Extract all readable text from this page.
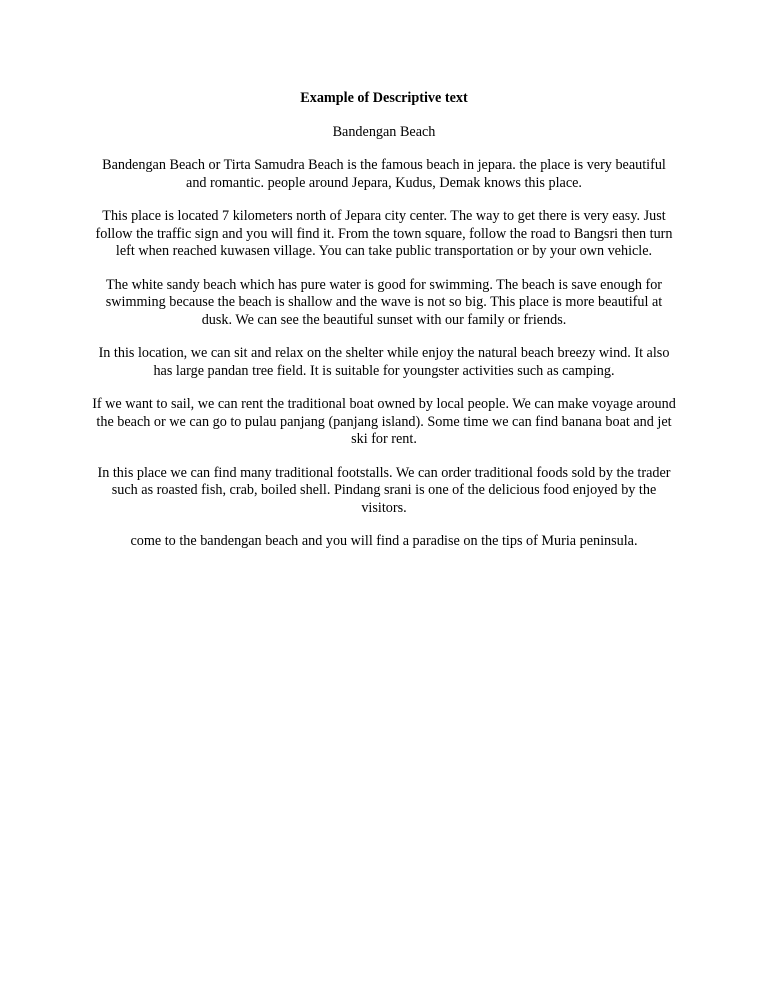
Example of Descriptive text

Bandengan Beach

Bandengan Beach or Tirta Samudra Beach is the famous beach in jepara. the place is very beautiful and romantic. people around Jepara, Kudus, Demak knows this place.

This place is located 7 kilometers north of Jepara city center. The way to get there is very easy. Just follow the traffic sign and you will find it. From the town square, follow the road to Bangsri then turn left when reached kuwasen village. You can take public transportation or by your own vehicle.

The white sandy beach which has pure water is good for swimming. The beach is save enough for swimming because the beach is shallow and the wave is not so big. This place is more beautiful at dusk. We can see the beautiful sunset with our family or friends.

In this location, we can sit and relax on the shelter while enjoy the natural beach breezy wind. It also has large pandan tree field. It is suitable for youngster activities such as camping.

If we want to sail, we can rent the traditional boat owned by local people. We can make voyage around the beach or we can go to pulau panjang (panjang island). Some time we can find banana boat and jet ski for rent.

In this place we can find many traditional footstalls. We can order traditional foods sold by the trader such as roasted fish, crab, boiled shell. Pindang srani is one of the delicious food enjoyed by the visitors.

come to the bandengan beach and you will find a paradise on the tips of Muria peninsula.
